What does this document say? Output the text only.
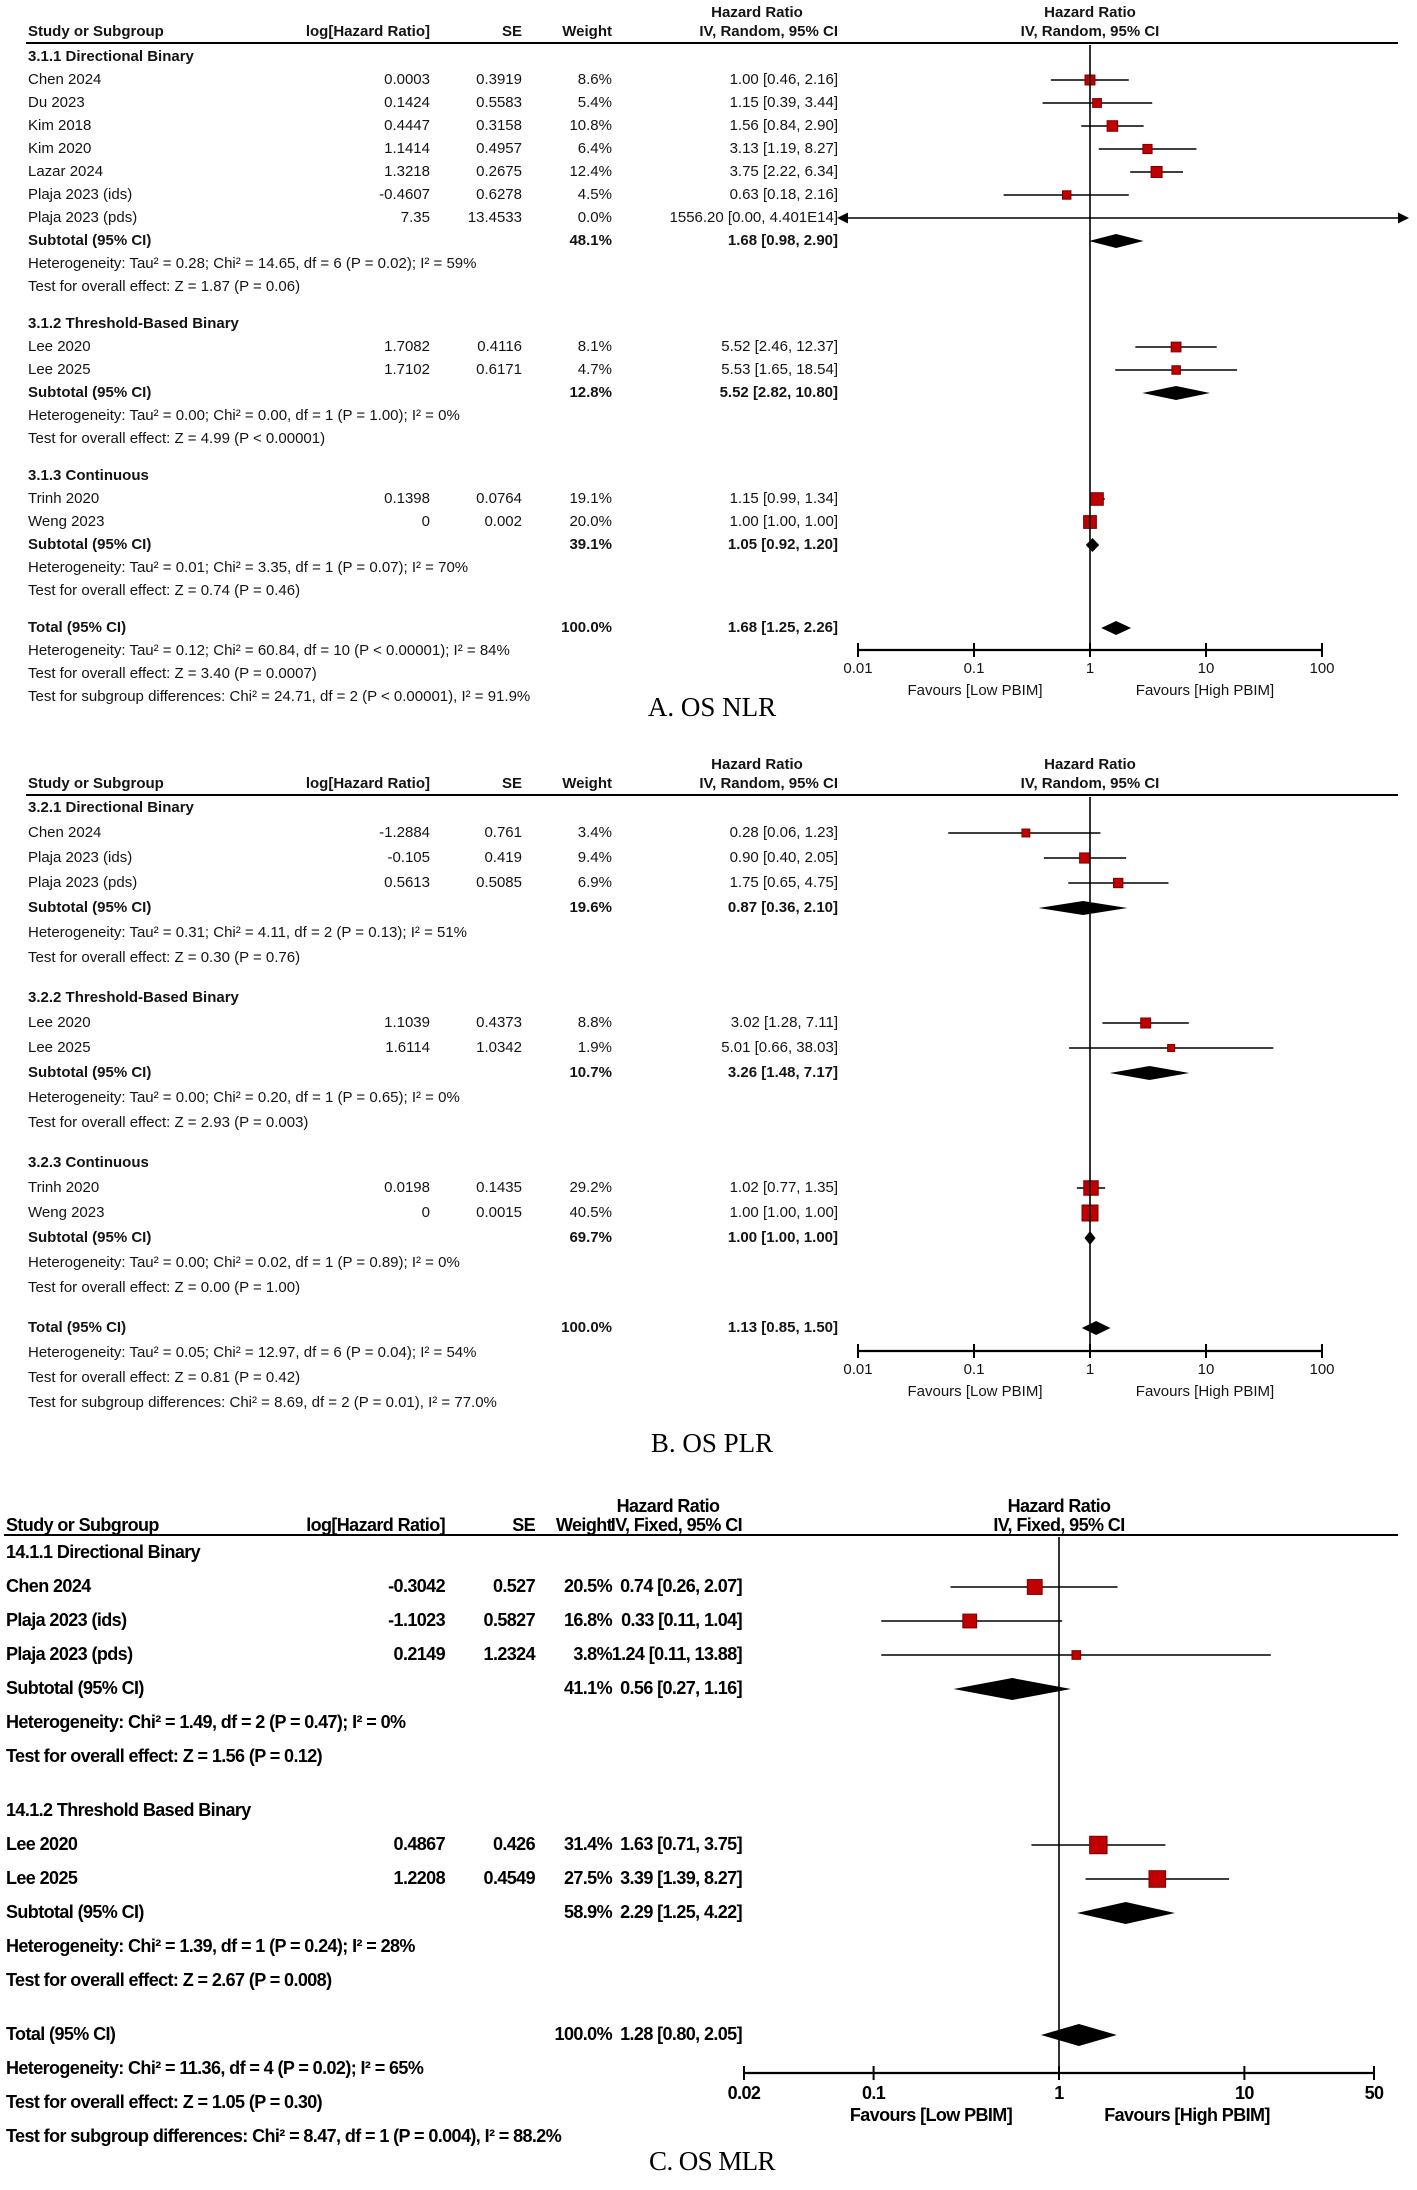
Hazard Ratio	Hazard Ratio
Study or Subgroup	log[Hazard Ratio]	SE	Weight	IV, Random, 95% CI	IV, Random, 95% CI
3.1.1 Directional Binary
Chen 2024	0.0003	0.3919	8.6%	1.00 [0.46, 2.16]
Du 2023	0.1424	0.5583	5.4%	1.15 [0.39, 3.44]
Kim 2018	0.4447	0.3158	10.8%	1.56 [0.84, 2.90]
Kim 2020	1.1414	0.4957	6.4%	3.13 [1.19, 8.27]
Lazar 2024	1.3218	0.2675	12.4%	3.75 [2.22, 6.34]
Plaja 2023 (ids)	-0.4607	0.6278	4.5%	0.63 [0.18, 2.16]
Plaja 2023 (pds)	7.35	13.4533	0.0%	1556.20 [0.00, 4.401E14]
Subtotal (95% CI)	48.1%	1.68 [0.98, 2.90]
Heterogeneity: Tau² = 0.28; Chi² = 14.65, df = 6 (P = 0.02); I² = 59%
Test for overall effect: Z = 1.87 (P = 0.06)
3.1.2 Threshold-Based Binary
Lee 2020	1.7082	0.4116	8.1%	5.52 [2.46, 12.37]
Lee 2025	1.7102	0.6171	4.7%	5.53 [1.65, 18.54]
Subtotal (95% CI)	12.8%	5.52 [2.82, 10.80]
Heterogeneity: Tau² = 0.00; Chi² = 0.00, df = 1 (P = 1.00); I² = 0%
Test for overall effect: Z = 4.99 (P < 0.00001)
3.1.3 Continuous
Trinh 2020	0.1398	0.0764	19.1%	1.15 [0.99, 1.34]
Weng 2023	0	0.002	20.0%	1.00 [1.00, 1.00]
Subtotal (95% CI)	39.1%	1.05 [0.92, 1.20]
Heterogeneity: Tau² = 0.01; Chi² = 3.35, df = 1 (P = 0.07); I² = 70%
Test for overall effect: Z = 0.74 (P = 0.46)
Total (95% CI)	100.0%	1.68 [1.25, 2.26]
Heterogeneity: Tau² = 0.12; Chi² = 60.84, df = 10 (P < 0.00001); I² = 84%
Test for overall effect: Z = 3.40 (P = 0.0007)
Test for subgroup differences: Chi² = 24.71, df = 2 (P < 0.00001), I² = 91.9%
0.01	0.1	1	10	100
Favours [Low PBIM]	Favours [High PBIM]
A. OS NLR
Hazard Ratio	Hazard Ratio
Study or Subgroup	log[Hazard Ratio]	SE	Weight	IV, Random, 95% CI	IV, Random, 95% CI
3.2.1 Directional Binary
Chen 2024	-1.2884	0.761	3.4%	0.28 [0.06, 1.23]
Plaja 2023 (ids)	-0.105	0.419	9.4%	0.90 [0.40, 2.05]
Plaja 2023 (pds)	0.5613	0.5085	6.9%	1.75 [0.65, 4.75]
Subtotal (95% CI)	19.6%	0.87 [0.36, 2.10]
Heterogeneity: Tau² = 0.31; Chi² = 4.11, df = 2 (P = 0.13); I² = 51%
Test for overall effect: Z = 0.30 (P = 0.76)
3.2.2 Threshold-Based Binary
Lee 2020	1.1039	0.4373	8.8%	3.02 [1.28, 7.11]
Lee 2025	1.6114	1.0342	1.9%	5.01 [0.66, 38.03]
Subtotal (95% CI)	10.7%	3.26 [1.48, 7.17]
Heterogeneity: Tau² = 0.00; Chi² = 0.20, df = 1 (P = 0.65); I² = 0%
Test for overall effect: Z = 2.93 (P = 0.003)
3.2.3 Continuous
Trinh 2020	0.0198	0.1435	29.2%	1.02 [0.77, 1.35]
Weng 2023	0	0.0015	40.5%	1.00 [1.00, 1.00]
Subtotal (95% CI)	69.7%	1.00 [1.00, 1.00]
Heterogeneity: Tau² = 0.00; Chi² = 0.02, df = 1 (P = 0.89); I² = 0%
Test for overall effect: Z = 0.00 (P = 1.00)
Total (95% CI)	100.0%	1.13 [0.85, 1.50]
Heterogeneity: Tau² = 0.05; Chi² = 12.97, df = 6 (P = 0.04); I² = 54%
Test for overall effect: Z = 0.81 (P = 0.42)
Test for subgroup differences: Chi² = 8.69, df = 2 (P = 0.01), I² = 77.0%
0.01	0.1	1	10	100
Favours [Low PBIM]	Favours [High PBIM]
B. OS PLR
Hazard Ratio	Hazard Ratio
Study or Subgroup	log[Hazard Ratio]	SE	Weight
IV, Fixed, 95% CI	IV, Fixed, 95% CI
14.1.1 Directional Binary
Chen 2024	-0.3042	0.527	20.5% 0.74 [0.26, 2.07]
Plaja 2023 (ids)	-1.1023	0.5827	16.8% 0.33 [0.11, 1.04]
Plaja 2023 (pds)	0.2149	1.2324	3.8% 1.24 [0.11, 13.88]
Subtotal (95% CI)	41.1% 0.56 [0.27, 1.16]
Heterogeneity: Chi² = 1.49, df = 2 (P = 0.47); I² = 0%
Test for overall effect: Z = 1.56 (P = 0.12)
14.1.2 Threshold Based Binary
Lee 2020	0.4867	0.426	31.4% 1.63 [0.71, 3.75]
Lee 2025	1.2208	0.4549	27.5% 3.39 [1.39, 8.27]
Subtotal (95% CI)	58.9% 2.29 [1.25, 4.22]
Heterogeneity: Chi² = 1.39, df = 1 (P = 0.24); I² = 28%
Test for overall effect: Z = 2.67 (P = 0.008)
Total (95% CI)	100.0% 1.28 [0.80, 2.05]
Heterogeneity: Chi² = 11.36, df = 4 (P = 0.02); I² = 65%
Test for overall effect: Z = 1.05 (P = 0.30)
Test for subgroup differences: Chi² = 8.47, df = 1 (P = 0.004), I² = 88.2%
0.02	0.1	1	10	50
Favours [Low PBIM]	Favours [High PBIM]
C. OS MLR
